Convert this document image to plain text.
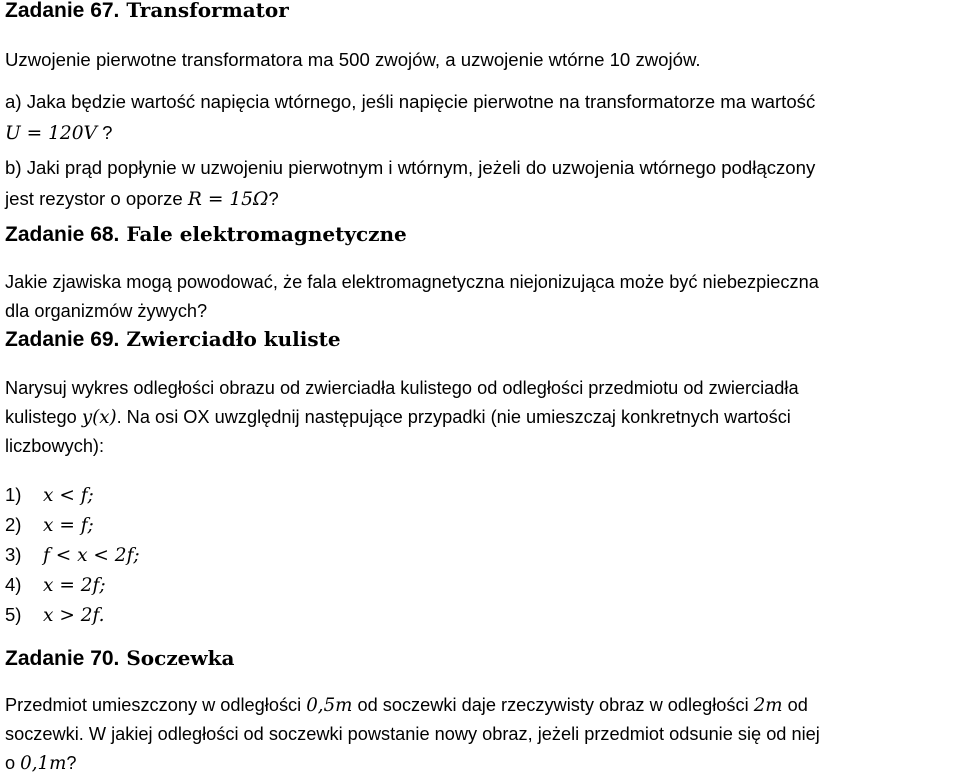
Zadanie 67. Transformator

Uzwojenie pierwotne transformatora ma 500 zwojów, a uzwojenie wtórne 10 zwojów.

a) Jaka będzie wartość napięcia wtórnego, jeśli napięcie pierwotne na transformatorze ma wartość
U = 120V ?

b) Jaki prąd popłynie w uzwojeniu pierwotnym i wtórnym, jeżeli do uzwojenia wtórnego podłączony
jest rezystor o oporze R = 15Ω?

Zadanie 68. Fale elektromagnetyczne

Jakie zjawiska mogą powodować, że fala elektromagnetyczna niejonizująca może być niebezpieczna
dla organizmów żywych?

Zadanie 69. Zwierciadło kuliste

Narysuj wykres odległości obrazu od zwierciadła kulistego od odległości przedmiotu od zwierciadła
kulistego y(x). Na osi OX uwzględnij następujące przypadki (nie umieszczaj konkretnych wartości
liczbowych):

1) x < f;
2) x = f;
3) f < x < 2f;
4) x = 2f;
5) x > 2f.
Zadanie 70. Soczewka

Przedmiot umieszczony w odległości 0,5m od soczewki daje rzeczywisty obraz w odległości 2m od
soczewki. W jakiej odległości od soczewki powstanie nowy obraz, jeżeli przedmiot odsunie się od niej
o 0,1m?
